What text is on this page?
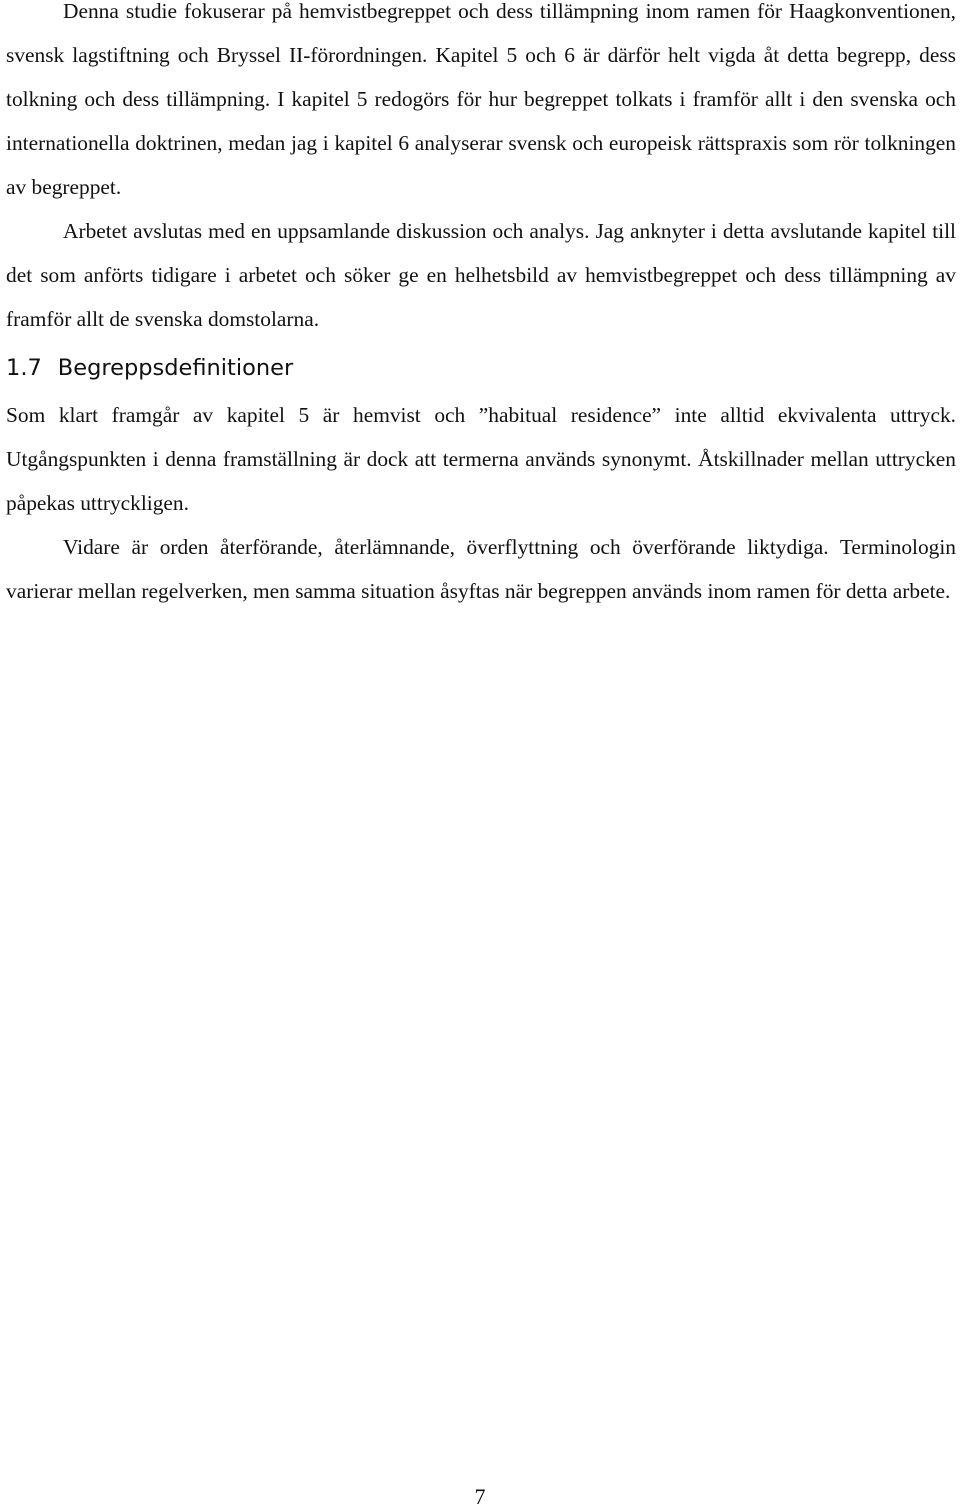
Denna studie fokuserar på hemvistbegreppet och dess tillämpning inom ramen för Haagkonventionen, svensk lagstiftning och Bryssel II-förordningen. Kapitel 5 och 6 är därför helt vigda åt detta begrepp, dess tolkning och dess tillämpning. I kapitel 5 redogörs för hur begreppet tolkats i framför allt i den svenska och internationella doktrinen, medan jag i kapitel 6 analyserar svensk och europeisk rättspraxis som rör tolkningen av begreppet.

Arbetet avslutas med en uppsamlande diskussion och analys. Jag anknyter i detta avslutande kapitel till det som anförts tidigare i arbetet och söker ge en helhetsbild av hemvistbegreppet och dess tillämpning av framför allt de svenska domstolarna.

1.7 Begreppsdefinitioner

Som klart framgår av kapitel 5 är hemvist och ”habitual residence” inte alltid ekvivalenta uttryck. Utgångspunkten i denna framställning är dock att termerna används synonymt. Åtskillnader mellan uttrycken påpekas uttryckligen.

Vidare är orden återförande, återlämnande, överflyttning och överförande liktydiga. Terminologin varierar mellan regelverken, men samma situation åsyftas när begreppen används inom ramen för detta arbete.

7
